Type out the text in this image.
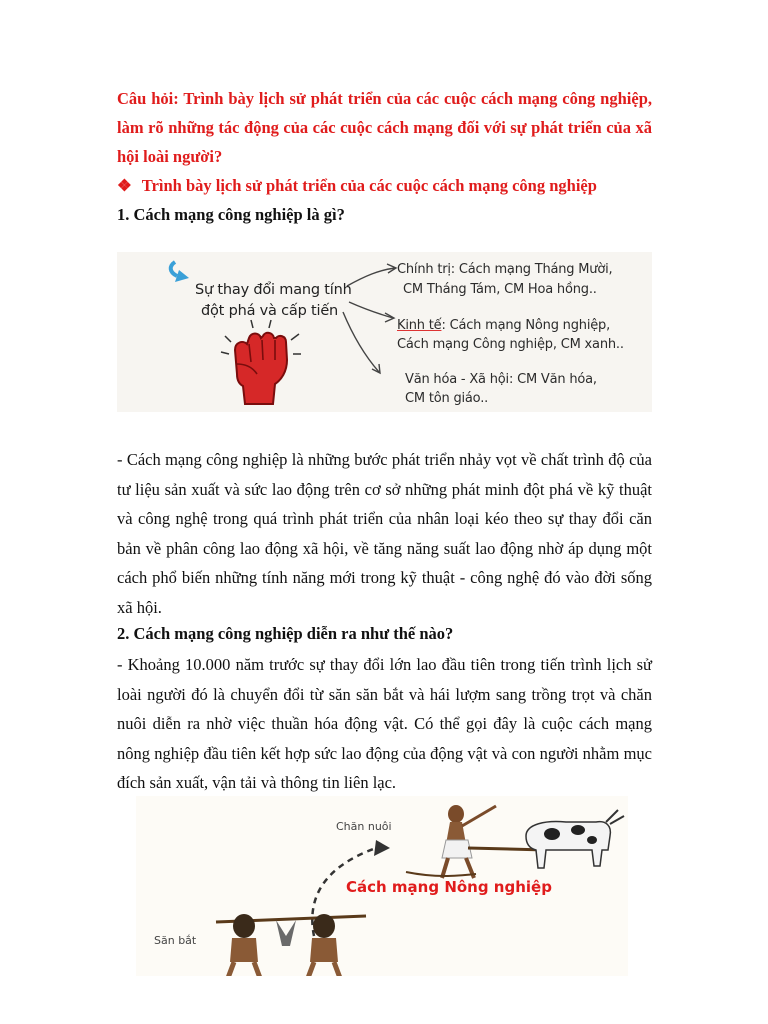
Câu hỏi: Trình bày lịch sử phát triển của các cuộc cách mạng công nghiệp, làm rõ những tác động của các cuộc cách mạng đối với sự phát triển của xã hội loài người?
❖ Trình bày lịch sử phát triển của các cuộc cách mạng công nghiệp
1. Cách mạng công nghiệp là gì?
Sự thay đổi mang tính
đột phá và cấp tiến
Chính trị: Cách mạng Tháng Mười,
CM Tháng Tám, CM Hoa hồng..
Kinh tế: Cách mạng Nông nghiệp,
Cách mạng Công nghiệp, CM xanh..
Văn hóa - Xã hội: CM Văn hóa,
CM tôn giáo..
- Cách mạng công nghiệp là những bước phát triển nhảy vọt về chất trình độ của tư liệu sản xuất và sức lao động trên cơ sở những phát minh đột phá về kỹ thuật và công nghệ trong quá trình phát triển của nhân loại kéo theo sự thay đổi căn bản về phân công lao động xã hội, về tăng năng suất lao động nhờ áp dụng một cách phổ biến những tính năng mới trong kỹ thuật - công nghệ đó vào đời sống xã hội.
2. Cách mạng công nghiệp diễn ra như thế nào?
- Khoảng 10.000 năm trước sự thay đổi lớn lao đầu tiên trong tiến trình lịch sử loài người đó là chuyển đổi từ săn săn bắt và hái lượm sang trồng trọt và chăn nuôi diễn ra nhờ việc thuần hóa động vật. Có thể gọi đây là cuộc cách mạng nông nghiệp đầu tiên kết hợp sức lao động của động vật và con người nhằm mục đích sản xuất, vận tải và thông tin liên lạc.
Chăn nuôi
Cách mạng Nông nghiệp
Săn bắt
